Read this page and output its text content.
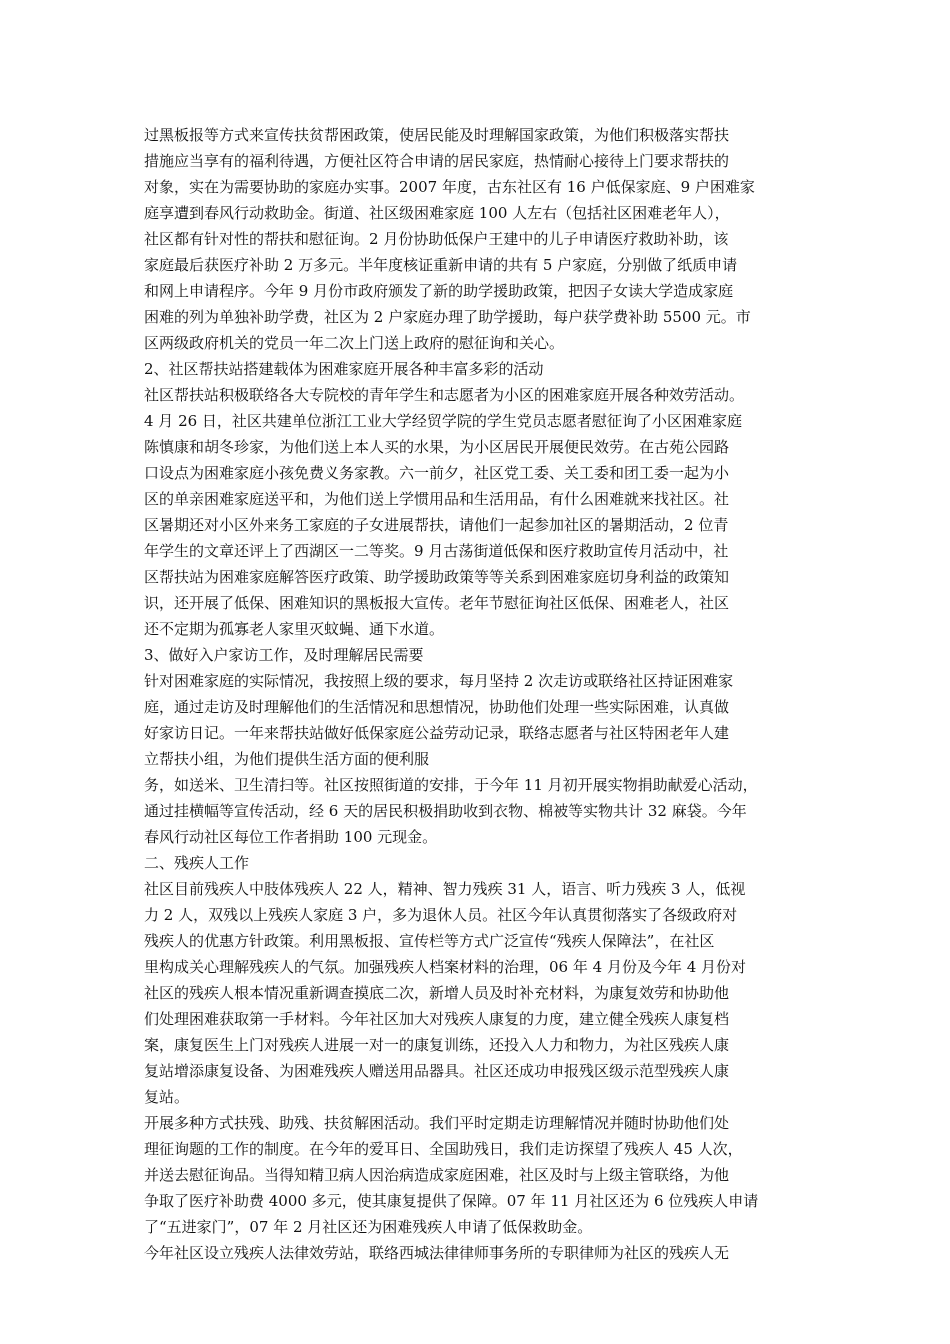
过黑板报等方式来宣传扶贫帮困政策，使居民能及时理解国家政策，为他们积极落实帮扶
措施应当享有的福利待遇，方便社区符合申请的居民家庭，热情耐心接待上门要求帮扶的
对象，实在为需要协助的家庭办实事。2007 年度，古东社区有 16 户低保家庭、9 户困难家
庭享遭到春风行动救助金。街道、社区级困难家庭 100 人左右（包括社区困难老年人），
社区都有针对性的帮扶和慰征询。2 月份协助低保户王建中的儿子申请医疗救助补助，该
家庭最后获医疗补助 2 万多元。半年度核证重新申请的共有 5 户家庭，分别做了纸质申请
和网上申请程序。今年 9 月份市政府颁发了新的助学援助政策，把因子女读大学造成家庭
困难的列为单独补助学费，社区为 2 户家庭办理了助学援助，每户获学费补助 5500 元。市
区两级政府机关的党员一年二次上门送上政府的慰征询和关心。
2、社区帮扶站搭建载体为困难家庭开展各种丰富多彩的活动
社区帮扶站积极联络各大专院校的青年学生和志愿者为小区的困难家庭开展各种效劳活动。
4 月 26 日，社区共建单位浙江工业大学经贸学院的学生党员志愿者慰征询了小区困难家庭
陈慎康和胡冬珍家，为他们送上本人买的水果，为小区居民开展便民效劳。在古苑公园路
口设点为困难家庭小孩免费义务家教。六一前夕，社区党工委、关工委和团工委一起为小
区的单亲困难家庭送平和，为他们送上学惯用品和生活用品，有什么困难就来找社区。社
区暑期还对小区外来务工家庭的子女进展帮扶，请他们一起参加社区的暑期活动，2 位青
年学生的文章还评上了西湖区一二等奖。9 月古荡街道低保和医疗救助宣传月活动中，社
区帮扶站为困难家庭解答医疗政策、助学援助政策等等关系到困难家庭切身利益的政策知
识，还开展了低保、困难知识的黑板报大宣传。老年节慰征询社区低保、困难老人，社区
还不定期为孤寡老人家里灭蚊蝇、通下水道。
3、做好入户家访工作，及时理解居民需要
针对困难家庭的实际情况，我按照上级的要求，每月坚持 2 次走访或联络社区持证困难家
庭，通过走访及时理解他们的生活情况和思想情况，协助他们处理一些实际困难，认真做
好家访日记。一年来帮扶站做好低保家庭公益劳动记录，联络志愿者与社区特困老年人建
立帮扶小组，为他们提供生活方面的便利服
务，如送米、卫生清扫等。社区按照街道的安排，于今年 11 月初开展实物捐助献爱心活动，
通过挂横幅等宣传活动，经 6 天的居民积极捐助收到衣物、棉被等实物共计 32 麻袋。今年
春风行动社区每位工作者捐助 100 元现金。
二、残疾人工作
社区目前残疾人中肢体残疾人 22 人，精神、智力残疾 31 人，语言、听力残疾 3 人，低视
力 2 人，双残以上残疾人家庭 3 户，多为退休人员。社区今年认真贯彻落实了各级政府对
残疾人的优惠方针政策。利用黑板报、宣传栏等方式广泛宣传“残疾人保障法”，在社区
里构成关心理解残疾人的气氛。加强残疾人档案材料的治理，06 年 4 月份及今年 4 月份对
社区的残疾人根本情况重新调查摸底二次，新增人员及时补充材料，为康复效劳和协助他
们处理困难获取第一手材料。今年社区加大对残疾人康复的力度，建立健全残疾人康复档
案，康复医生上门对残疾人进展一对一的康复训练，还投入人力和物力，为社区残疾人康
复站增添康复设备、为困难残疾人赠送用品器具。社区还成功申报残区级示范型残疾人康
复站。
开展多种方式扶残、助残、扶贫解困活动。我们平时定期走访理解情况并随时协助他们处
理征询题的工作的制度。在今年的爱耳日、全国助残日，我们走访探望了残疾人 45 人次，
并送去慰征询品。当得知精卫病人因治病造成家庭困难，社区及时与上级主管联络，为他
争取了医疗补助费 4000 多元，使其康复提供了保障。07 年 11 月社区还为 6 位残疾人申请
了“五进家门”，07 年 2 月社区还为困难残疾人申请了低保救助金。
今年社区设立残疾人法律效劳站，联络西城法律律师事务所的专职律师为社区的残疾人无
